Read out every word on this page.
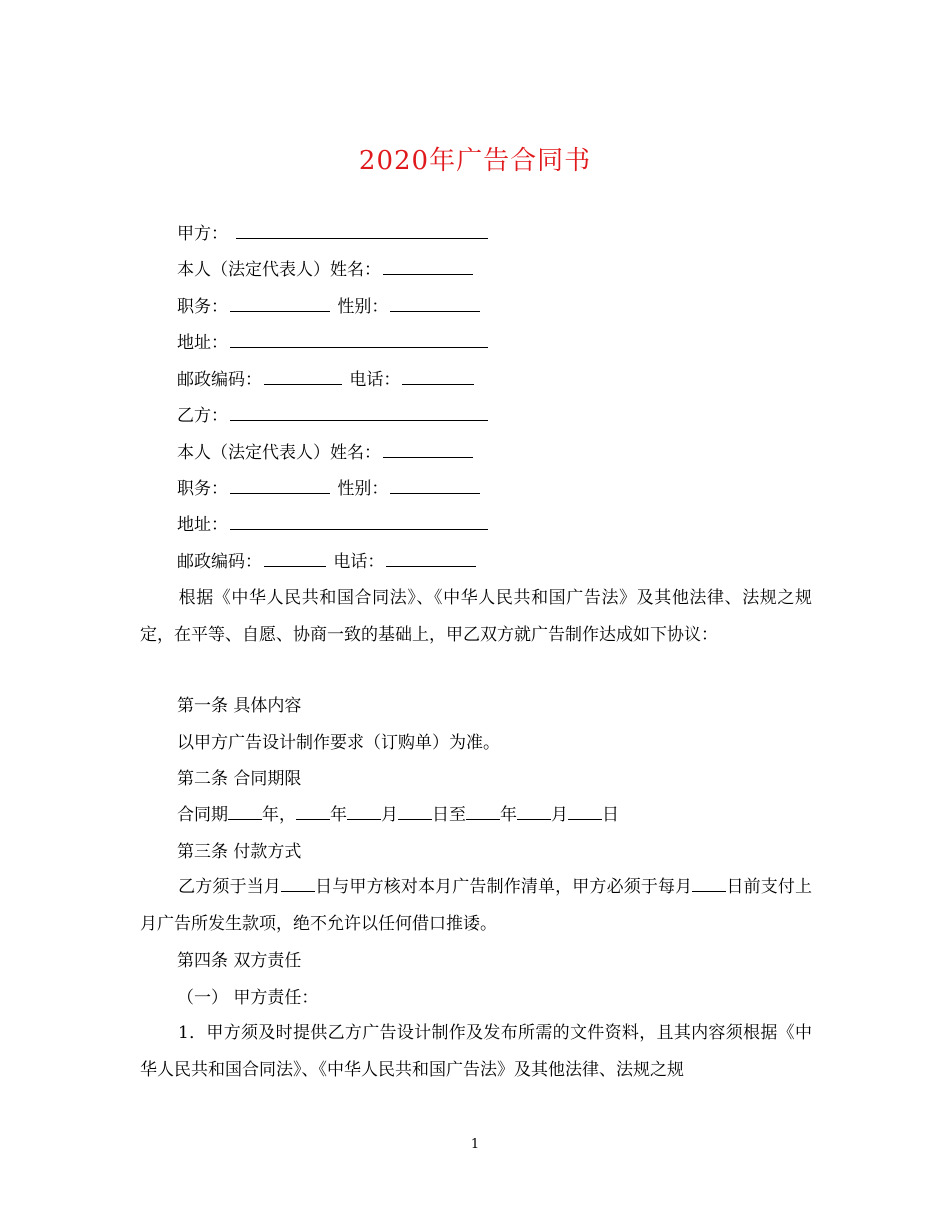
2020年广告合同书
甲方：
本人（法定代表人）姓名：
职务：	性别：
地址：
邮政编码：	电话：
乙方：
本人（法定代表人）姓名：
职务：	性别：
地址：
邮政编码：	电话：
根据《中华人民共和国合同法》、《中华人民共和国广告法》及其他法律、法规之规定，在平等、自愿、协商一致的基础上，甲乙双方就广告制作达成如下协议：
第一条 具体内容
以甲方广告设计制作要求（订购单）为准。
第二条 合同期限
合同期 年， 年 月 日至 年 月 日
第三条 付款方式
乙方须于当月 日与甲方核对本月广告制作清单，甲方必须于每月 日前支付上月广告所发生款项，绝不允许以任何借口推诿。
第四条 双方责任
（一） 甲方责任：
1．甲方须及时提供乙方广告设计制作及发布所需的文件资料，且其内容须根据《中华人民共和国合同法》、《中华人民共和国广告法》及其他法律、法规之规
1
